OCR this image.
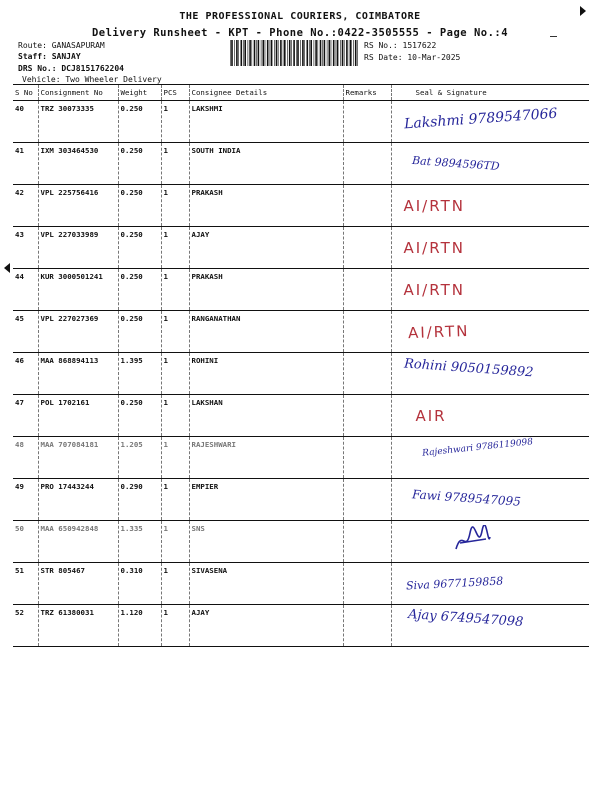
THE PROFESSIONAL COURIERS, COIMBATORE
Delivery Runsheet - KPT - Phone No.:0422-3505555 - Page No.:4
Route: GANASAPURAM
Staff: SANJAY
DRS No.: DCJ8151762204
Vehicle: Two Wheeler Delivery
RS No.: 1517622
RS Date: 10-Mar-2025
S No	Consignment No	Weight	PCS	Consignee Details	Remarks	Seal & Signature
40	TRZ 30073335	0.250	1	LAKSHMI		Lakshmi 9789547066

41	IXM 303464530	0.250	1	SOUTH INDIA		Bat 9894596TD

42	VPL 225756416	0.250	1	PRAKASH		AI/RTN

43	VPL 227033989	0.250	1	AJAY		AI/RTN

44	KUR 3000501241	0.250	1	PRAKASH		AI/RTN

45	VPL 227027369	0.250	1	RANGANATHAN		AI/RTN

46	MAA 868894113	1.395	1	ROHINI		Rohini 9050159892

47	POL 1702161	0.250	1	LAKSHAN		AIR

48	MAA 707084181	1.205	1	RAJESHWARI		Rajeshwari 9786119098

49	PRO 17443244	0.290	1	EMPIER		Fawi 9789547095

50	MAA 650942848	1.335	1	SNS		

51	STR 805467	0.310	1	SIVASENA		Siva 9677159858

52	TRZ 61380031	1.120	1	AJAY		Ajay 6749547098
